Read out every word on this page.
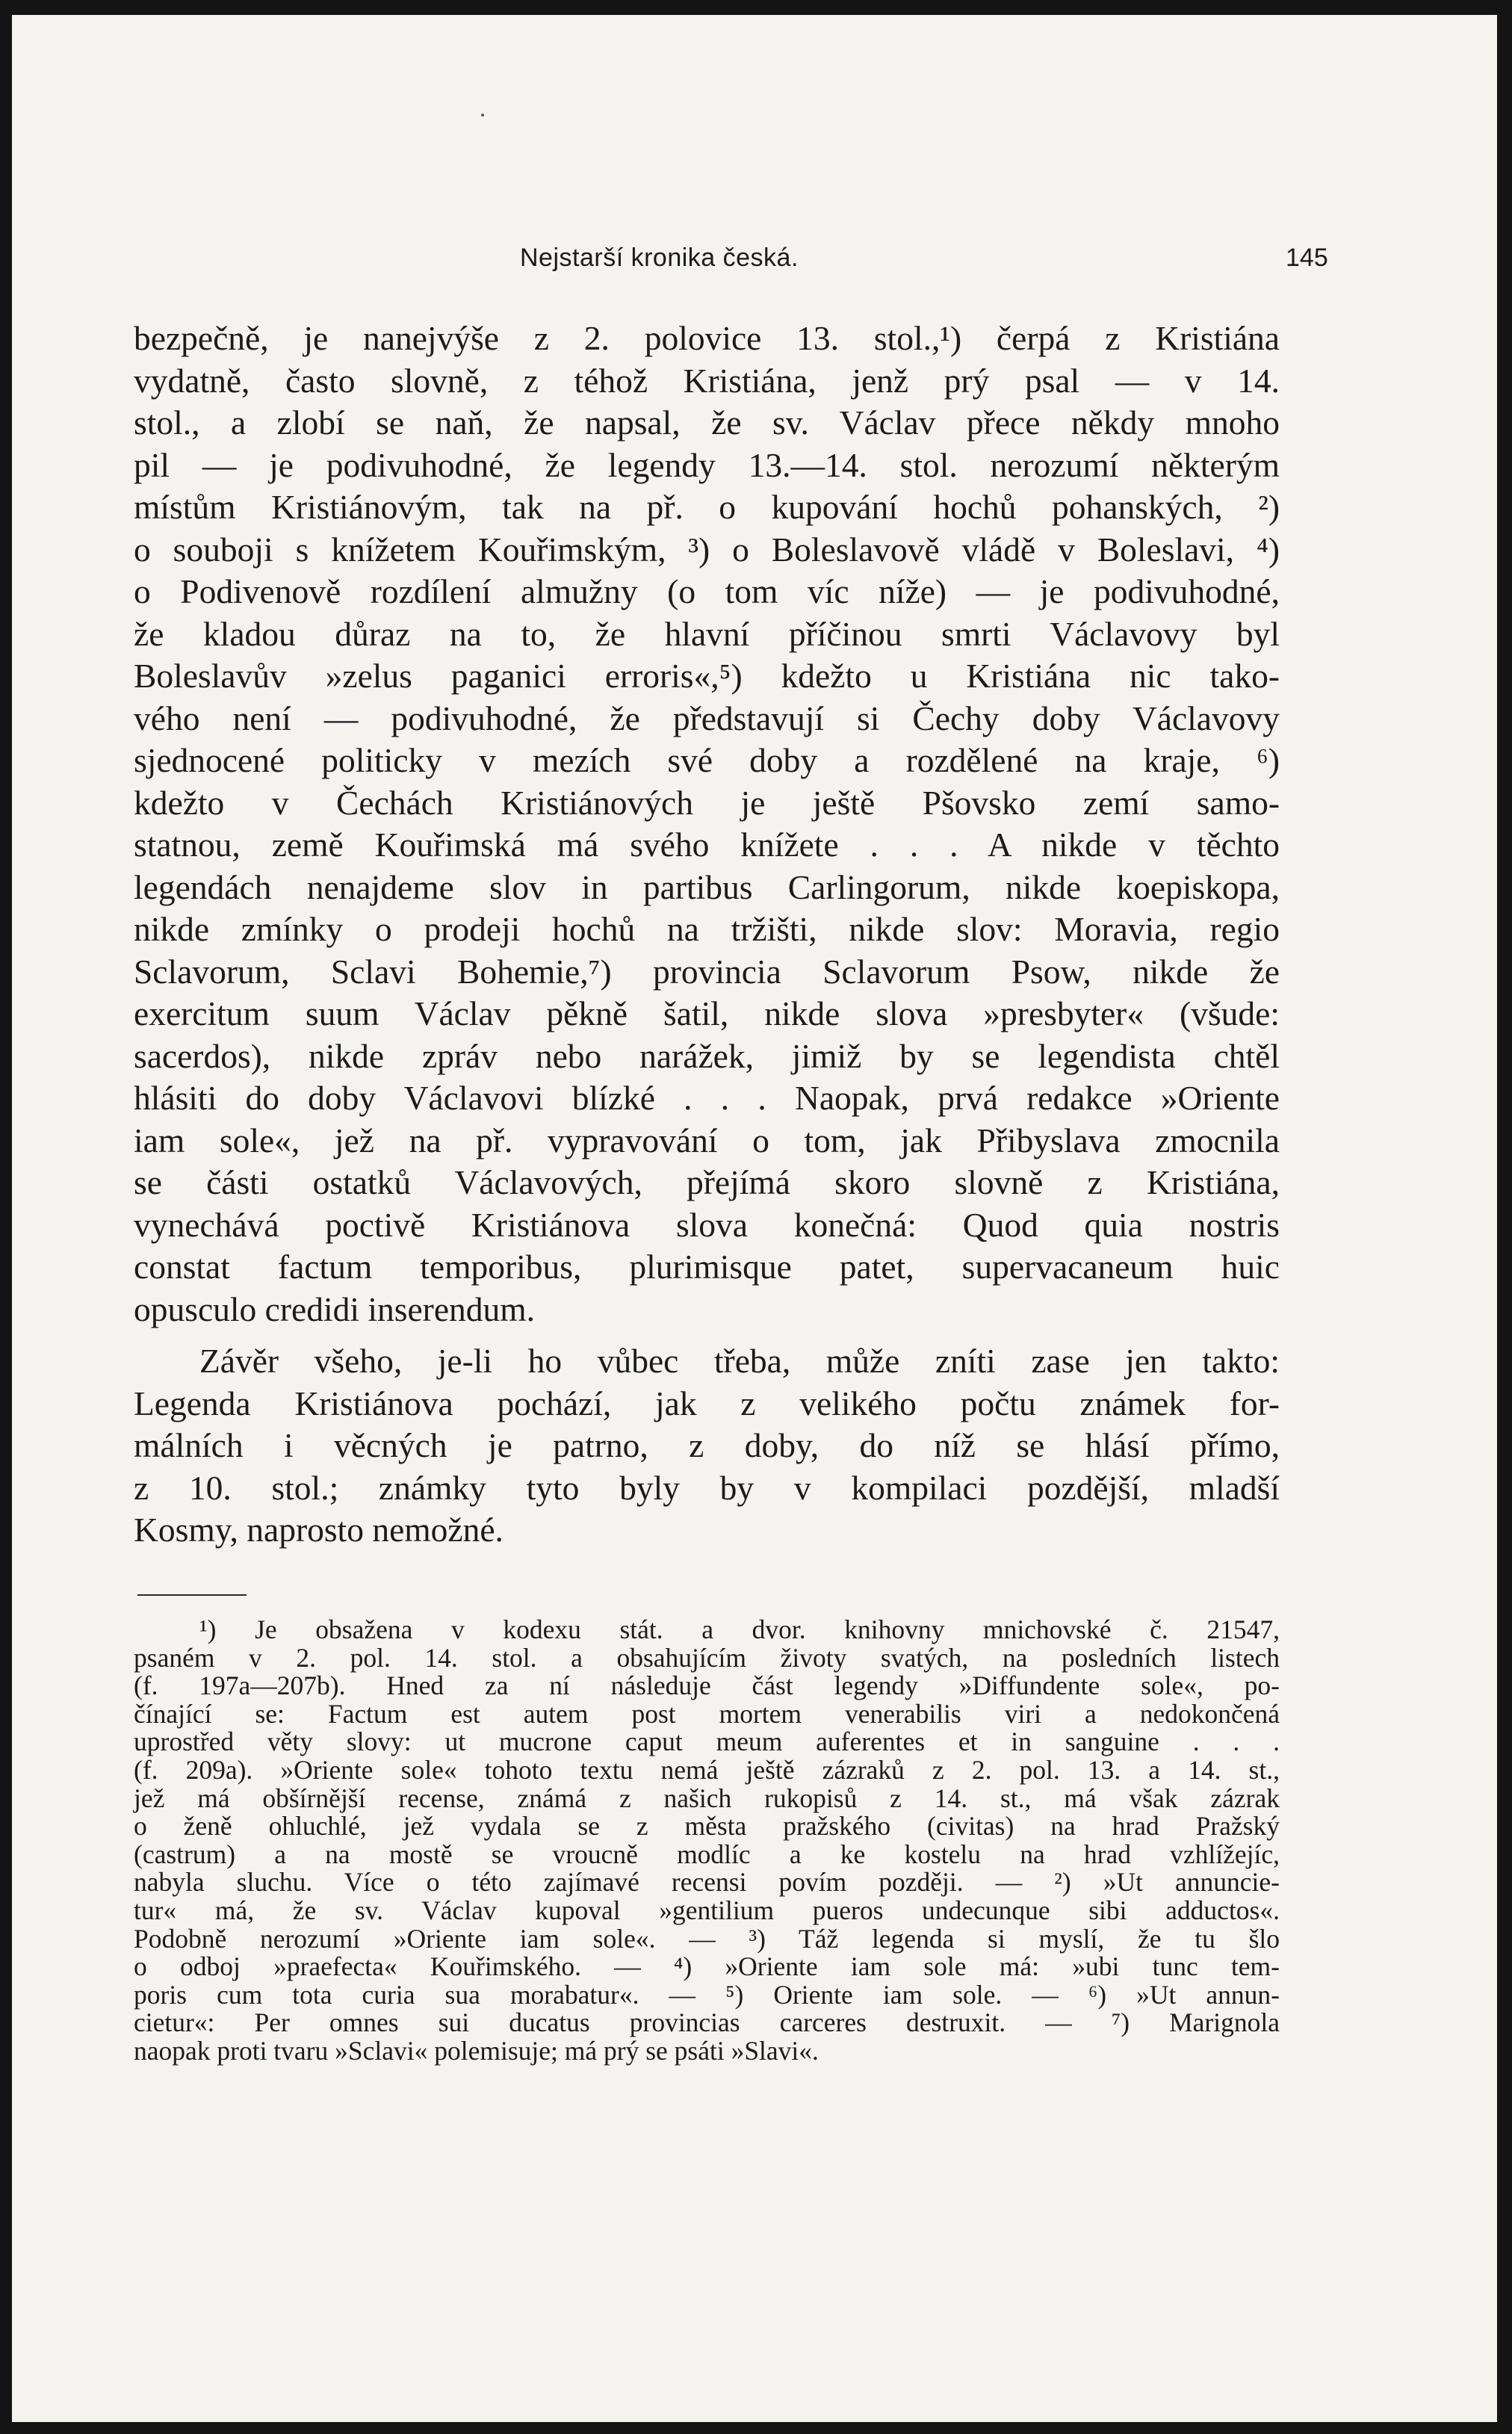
Nejstarší kronika česká.	145
bezpečně, je nanejvýše z 2. polovice 13. stol.,¹) čerpá z Kristiána
vydatně, často slovně, z téhož Kristiána, jenž prý psal — v 14.
stol., a zlobí se naň, že napsal, že sv. Václav přece někdy mnoho
pil — je podivuhodné, že legendy 13.—14. stol. nerozumí některým
místům Kristiánovým, tak na př. o kupování hochů pohanských, ²)
o souboji s knížetem Kouřimským, ³) o Boleslavově vládě v Boleslavi, ⁴)
o Podivenově rozdílení almužny (o tom víc níže) — je podivuhodné,
že kladou důraz na to, že hlavní příčinou smrti Václavovy byl
Boleslavův »zelus paganici erroris«,⁵) kdežto u Kristiána nic tako-
vého není — podivuhodné, že představují si Čechy doby Václavovy
sjednocené politicky v mezích své doby a rozdělené na kraje, ⁶)
kdežto v Čechách Kristiánových je ještě Pšovsko zemí samo-
statnou, země Kouřimská má svého knížete . . . A nikde v těchto
legendách nenajdeme slov in partibus Carlingorum, nikde koepiskopa,
nikde zmínky o prodeji hochů na tržišti, nikde slov: Moravia, regio
Sclavorum, Sclavi Bohemie,⁷) provincia Sclavorum Psow, nikde že
exercitum suum Václav pěkně šatil, nikde slova »presbyter« (všude:
sacerdos), nikde zpráv nebo narážek, jimiž by se legendista chtěl
hlásiti do doby Václavovi blízké . . . Naopak, prvá redakce »Oriente
iam sole«, jež na př. vypravování o tom, jak Přibyslava zmocnila
se části ostatků Václavových, přejímá skoro slovně z Kristiána,
vynechává poctivě Kristiánova slova konečná: Quod quia nostris
constat factum temporibus, plurimisque patet, supervacaneum huic
opusculo credidi inserendum.
Závěr všeho, je-li ho vůbec třeba, může zníti zase jen takto:
Legenda Kristiánova pochází, jak z velikého počtu známek for-
málních i věcných je patrno, z doby, do níž se hlásí přímo,
z 10. stol.; známky tyto byly by v kompilaci pozdější, mladší
Kosmy, naprosto nemožné.
¹) Je obsažena v kodexu stát. a dvor. knihovny mnichovské č. 21547,
psaném v 2. pol. 14. stol. a obsahujícím životy svatých, na posledních listech
(f. 197a—207b). Hned za ní následuje část legendy »Diffundente sole«, po-
čínající se: Factum est autem post mortem venerabilis viri a nedokončená
uprostřed věty slovy: ut mucrone caput meum auferentes et in sanguine . . .
(f. 209a). »Oriente sole« tohoto textu nemá ještě zázraků z 2. pol. 13. a 14. st.,
jež má obšírnější recense, známá z našich rukopisů z 14. st., má však zázrak
o ženě ohluchlé, jež vydala se z města pražského (civitas) na hrad Pražský
(castrum) a na mostě se vroucně modlíc a ke kostelu na hrad vzhlížejíc,
nabyla sluchu. Více o této zajímavé recensi povím později. — ²) »Ut annuncie-
tur« má, že sv. Václav kupoval »gentilium pueros undecunque sibi adductos«.
Podobně nerozumí »Oriente iam sole«. — ³) Táž legenda si myslí, že tu šlo
o odboj »praefecta« Kouřimského. — ⁴) »Oriente iam sole má: »ubi tunc tem-
poris cum tota curia sua morabatur«. — ⁵) Oriente iam sole. — ⁶) »Ut annun-
cietur«: Per omnes sui ducatus provincias carceres destruxit. — ⁷) Marignola
naopak proti tvaru »Sclavi« polemisuje; má prý se psáti »Slavi«.
